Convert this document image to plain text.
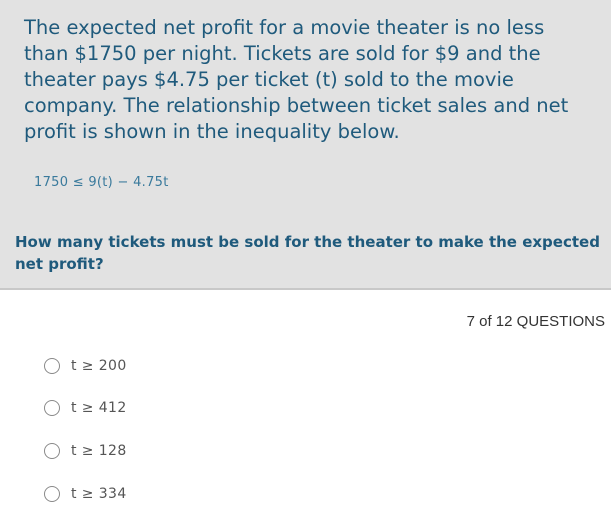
The expected net profit for a movie theater is no less than $1750 per night. Tickets are sold for $9 and the theater pays $4.75 per ticket (t) sold to the movie company. The relationship between ticket sales and net profit is shown in the inequality below.

1750 ≤ 9(t) − 4.75t

How many tickets must be sold for the theater to make the expected net profit?

7 of 12 QUESTIONS

t ≥ 200
t ≥ 412
t ≥ 128
t ≥ 334
